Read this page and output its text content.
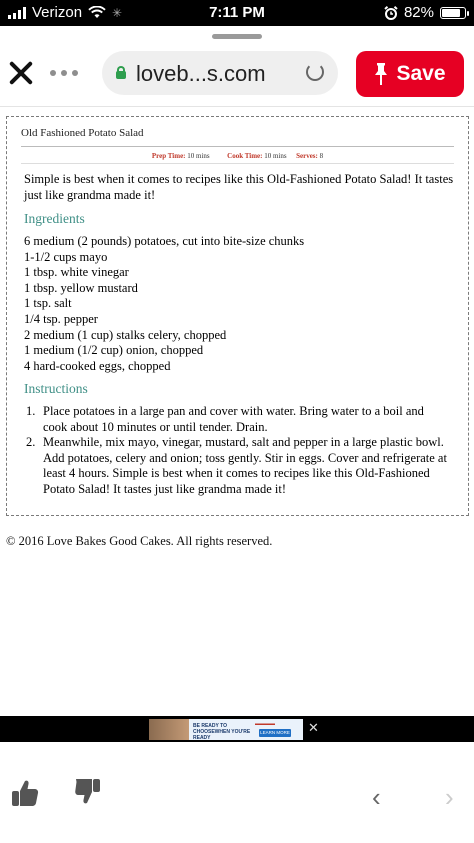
Verizon	✳	7:11 PM	82%
loveb...s.com	Save
Old Fashioned Potato Salad
Prep Time: 10 mins	Cook Time: 10 mins Serves: 8

Simple is best when it comes to recipes like this Old-Fashioned Potato Salad! It tastes just like grandma made it!

Ingredients
6 medium (2 pounds) potatoes, cut into bite-size chunks
1-1/2 cups mayo
1 tbsp. white vinegar
1 tbsp. yellow mustard
1 tsp. salt
1/4 tsp. pepper
2 medium (1 cup) stalks celery, chopped
1 medium (1/2 cup) onion, chopped
4 hard-cooked eggs, chopped
Instructions
1. Place potatoes in a large pan and cover with water. Bring water to a boil and cook about 10 minutes or until tender. Drain.
2. Meanwhile, mix mayo, vinegar, mustard, salt and pepper in a large plastic bowl. Add potatoes, celery and onion; toss gently. Stir in eggs. Cover and refrigerate at least 4 hours. Simple is best when it comes to recipes like this Old-Fashioned Potato Salad! It tastes just like grandma made it!
© 2016 Love Bakes Good Cakes. All rights reserved.
BE READY TO CHOOSEWHEN YOU'RE READY
▬▬▬▬
LEARN MORE ✕
‹ ›
